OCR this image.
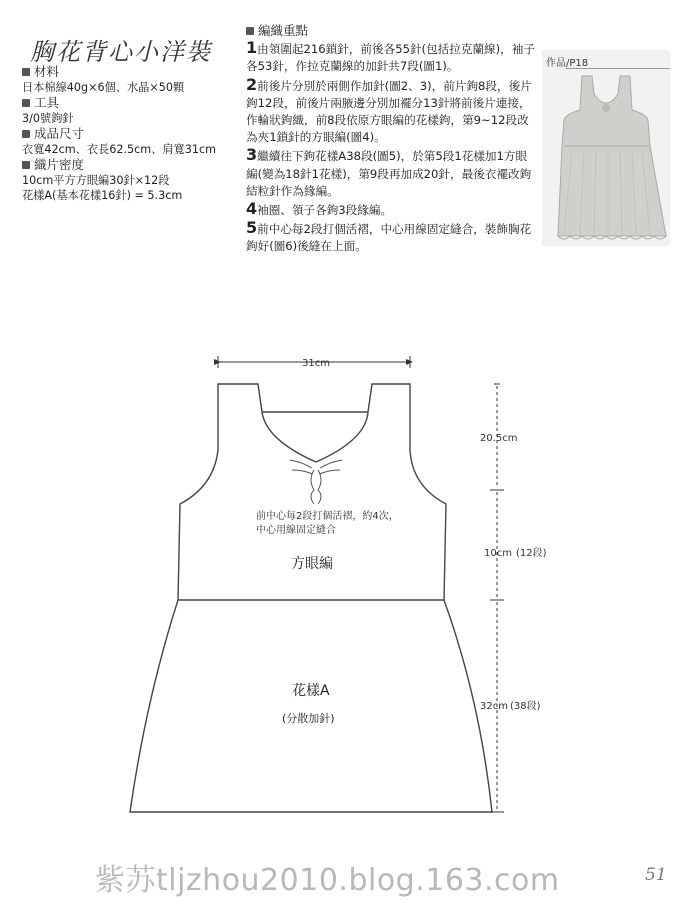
胸花背心小洋裝
材料
日本棉線40g×6個、水晶×50顆
工具
3/0號鉤針
成品尺寸
衣寬42cm、衣長62.5cm、肩寬31cm
織片密度
10cm平方方眼編30針×12段
花樣A(基本花樣16針) = 5.3cm
編織重點

1由領圍起216鎖針，前後各55針(包括拉克蘭線)，袖子各53針，作拉克蘭線的加針共7段(圖1)。

2前後片分別於兩側作加針(圖2、3)，前片鉤8段，後片鉤12段，前後片兩腋邊分別加襬分13針將前後片連接，作輪狀鉤織，前8段依原方眼編的花樣鉤，第9~12段改為夾1鎖針的方眼編(圖4)。

3繼續往下鉤花樣A38段(圖5)，於第5段1花樣加1方眼編(變為18針1花樣)，第9段再加成20針，最後衣襬改鉤結粒針作為緣編。

4袖圈、領子各鉤3段緣編。

5前中心每2段打個活褶，中心用線固定縫合，裝飾胸花鉤好(圖6)後縫在上面。

作品/P18
前中心每2段打個活褶，約4次，
中心用線固定縫合
方眼編
花樣A
(分散加針)
31cm
20.5cm
10cm (12段)
32cm (38段)
紫苏tljzhou2010.blog.163.com	51
